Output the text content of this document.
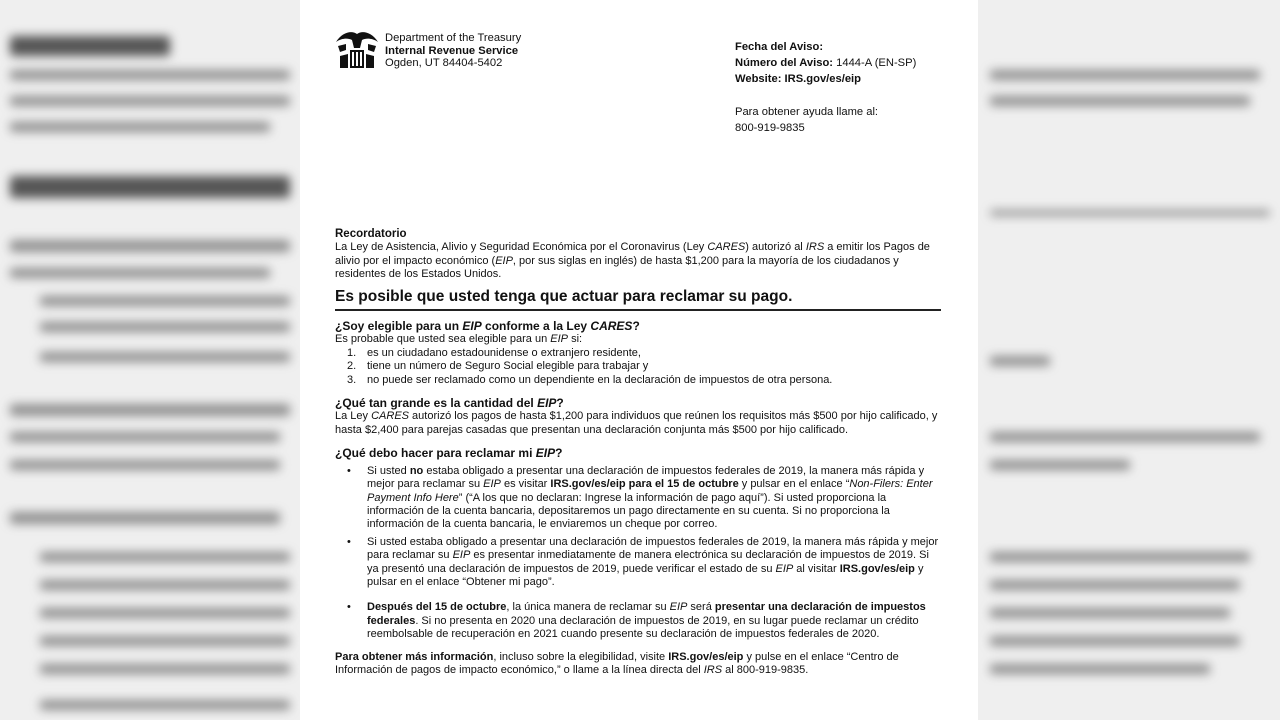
Department of the Treasury
Internal Revenue Service
Ogden, UT 84404-5402
Fecha del Aviso:
Número del Aviso: 1444-A (EN-SP)
Website: IRS.gov/es/eip
Para obtener ayuda llame al:
800-919-9835
Recordatorio
La Ley de Asistencia, Alivio y Seguridad Económica por el Coronavirus (Ley CARES) autorizó al IRS a emitir los Pagos de alivio por el impacto económico (EIP, por sus siglas en inglés) de hasta $1,200 para la mayoría de los ciudadanos y residentes de los Estados Unidos.
Es posible que usted tenga que actuar para reclamar su pago.
¿Soy elegible para un EIP conforme a la Ley CARES?
Es probable que usted sea elegible para un EIP si:
1. es un ciudadano estadounidense o extranjero residente,
2. tiene un número de Seguro Social elegible para trabajar y
3. no puede ser reclamado como un dependiente en la declaración de impuestos de otra persona.
¿Qué tan grande es la cantidad del EIP?
La Ley CARES autorizó los pagos de hasta $1,200 para individuos que reúnen los requisitos más $500 por hijo calificado, y hasta $2,400 para parejas casadas que presentan una declaración conjunta más $500 por hijo calificado.
¿Qué debo hacer para reclamar mi EIP?
• Si usted no estaba obligado a presentar una declaración de impuestos federales de 2019, la manera más rápida y mejor para reclamar su EIP es visitar IRS.gov/es/eip para el 15 de octubre y pulsar en el enlace “Non-Filers: Enter Payment Info Here” (“A los que no declaran: Ingrese la información de pago aquí”). Si usted proporciona la información de la cuenta bancaria, depositaremos un pago directamente en su cuenta. Si no proporciona la información de la cuenta bancaria, le enviaremos un cheque por correo.
• Si usted estaba obligado a presentar una declaración de impuestos federales de 2019, la manera más rápida y mejor para reclamar su EIP es presentar inmediatamente de manera electrónica su declaración de impuestos de 2019. Si ya presentó una declaración de impuestos de 2019, puede verificar el estado de su EIP al visitar IRS.gov/es/eip y pulsar en el enlace “Obtener mi pago”.
• Después del 15 de octubre, la única manera de reclamar su EIP será presentar una declaración de impuestos federales. Si no presenta en 2020 una declaración de impuestos de 2019, en su lugar puede reclamar un crédito reembolsable de recuperación en 2021 cuando presente su declaración de impuestos federales de 2020.
Para obtener más información, incluso sobre la elegibilidad, visite IRS.gov/es/eip y pulse en el enlace “Centro de Información de pagos de impacto económico,” o llame a la línea directa del IRS al 800-919-9835.
